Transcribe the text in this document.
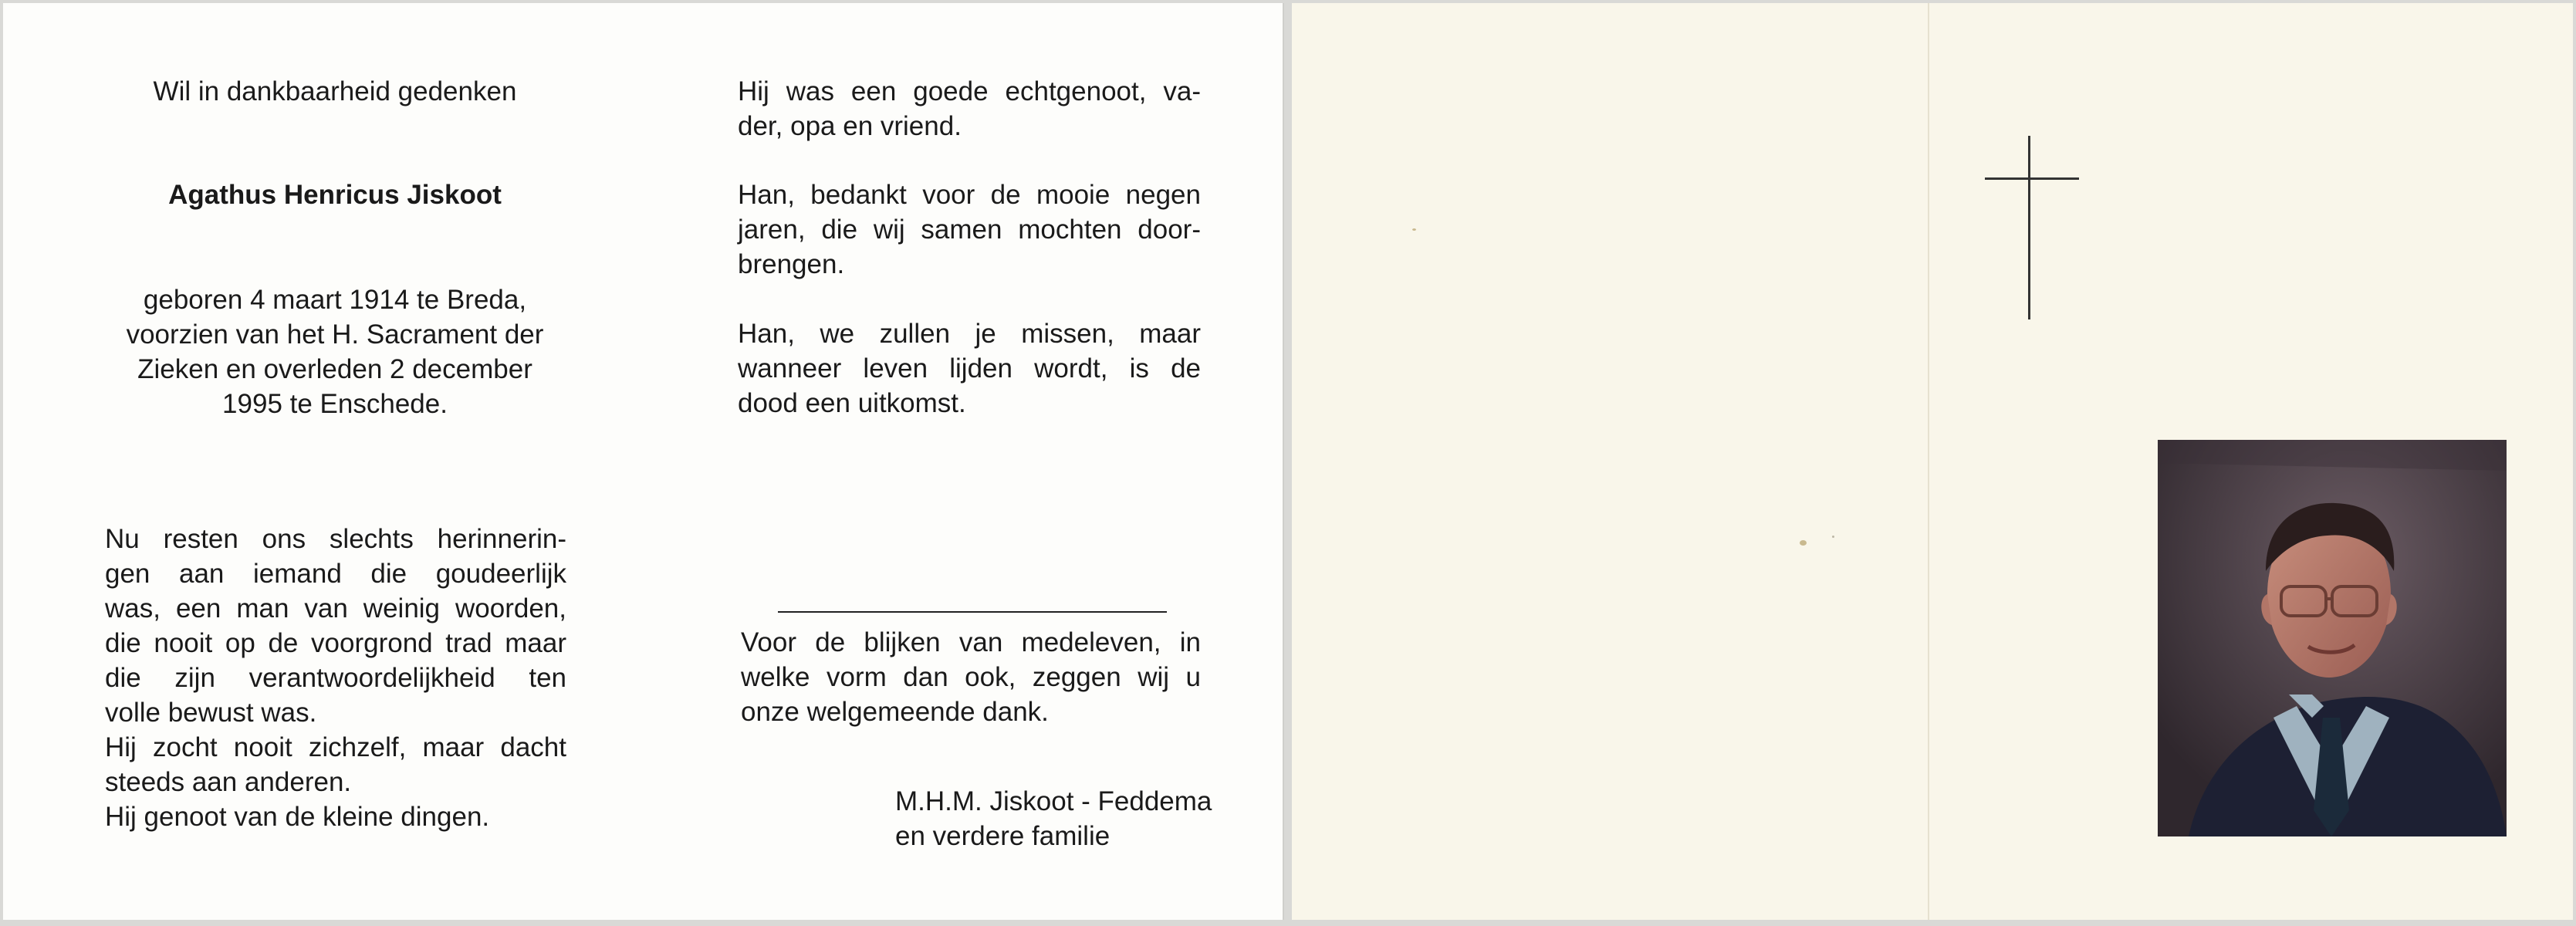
Wil in dankbaarheid gedenken

Agathus Henricus Jiskoot

geboren 4 maart 1914 te Breda,
voorzien van het H. Sacrament der
Zieken en overleden 2 december
1995 te Enschede.

Nu resten ons slechts herinnerin-
gen aan iemand die goudeerlijk
was, een man van weinig woorden,
die nooit op de voorgrond trad maar
die zijn verantwoordelijkheid ten
volle bewust was.
Hij zocht nooit zichzelf, maar dacht
steeds aan anderen.
Hij genoot van de kleine dingen.

Hij was een goede echtgenoot, va-
der, opa en vriend.

Han, bedankt voor de mooie negen
jaren, die wij samen mochten door-
brengen.

Han, we zullen je missen, maar
wanneer leven lijden wordt, is de
dood een uitkomst.

Voor de blijken van medeleven, in
welke vorm dan ook, zeggen wij u
onze welgemeende dank.

M.H.M. Jiskoot - Feddema
en verdere familie
